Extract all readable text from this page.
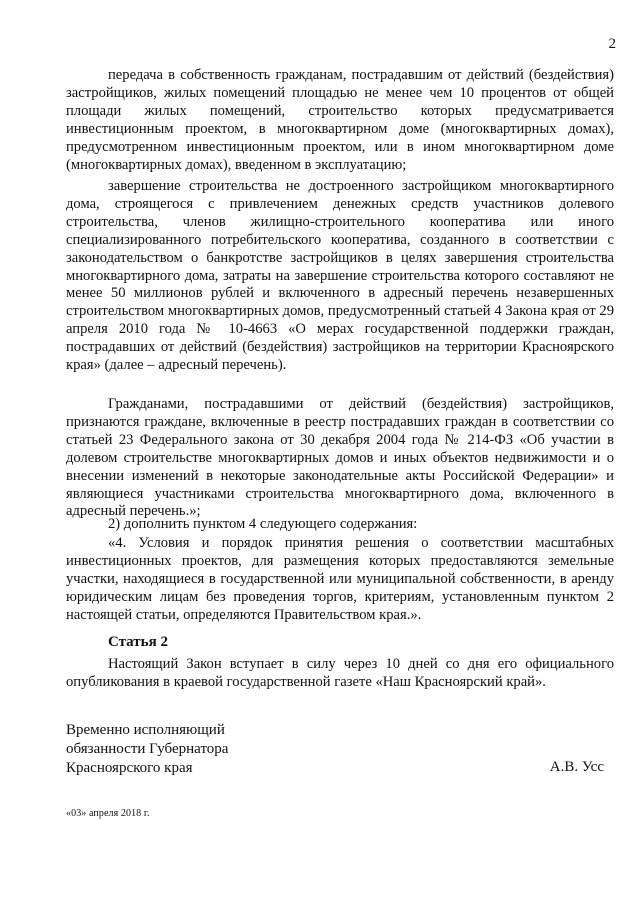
2

передача в собственность гражданам, пострадавшим от действий (бездействия) застройщиков, жилых помещений площадью не менее чем 10 процентов от общей площади жилых помещений, строительство которых предусматривается инвестиционным проектом, в многоквартирном доме (многоквартирных домах), предусмотренном инвестиционным проектом, или в ином многоквартирном доме (многоквартирных домах), введенном в эксплуатацию;

завершение строительства не достроенного застройщиком многоквартирного дома, строящегося с привлечением денежных средств участников долевого строительства, членов жилищно-строительного кооператива или иного специализированного потребительского кооператива, созданного в соответствии с законодательством о банкротстве застройщиков в целях завершения строительства многоквартирного дома, затраты на завершение строительства которого составляют не менее 50 миллионов рублей и включенного в адресный перечень незавершенных строительством многоквартирных домов, предусмотренный статьей 4 Закона края от 29 апреля 2010 года № 10-4663 «О мерах государственной поддержки граждан, пострадавших от действий (бездействия) застройщиков на территории Красноярского края» (далее – адресный перечень).

Гражданами, пострадавшими от действий (бездействия) застройщиков, признаются граждане, включенные в реестр пострадавших граждан в соответствии со статьей 23 Федерального закона от 30 декабря 2004 года № 214-ФЗ «Об участии в долевом строительстве многоквартирных домов и иных объектов недвижимости и о внесении изменений в некоторые законодательные акты Российской Федерации» и являющиеся участниками строительства многоквартирного дома, включенного в адресный перечень.»;

2) дополнить пунктом 4 следующего содержания:

«4. Условия и порядок принятия решения о соответствии масштабных инвестиционных проектов, для размещения которых предоставляются земельные участки, находящиеся в государственной или муниципальной собственности, в аренду юридическим лицам без проведения торгов, критериям, установленным пунктом 2 настоящей статьи, определяются Правительством края.».

Статья 2

Настоящий Закон вступает в силу через 10 дней со дня его официального опубликования в краевой государственной газете «Наш Красноярский край».

Временно исполняющий
обязанности Губернатора
Красноярского края	А.В. Усс
«03» апреля 2018 г.
